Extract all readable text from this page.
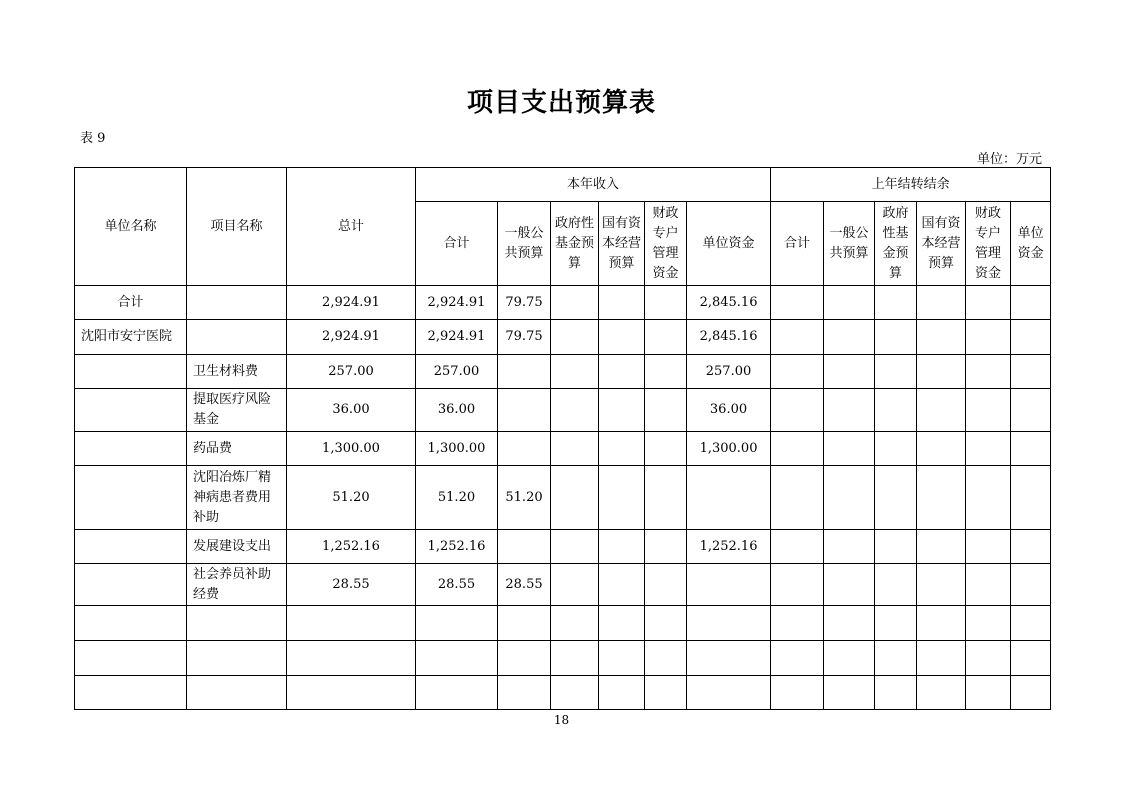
项目支出预算表
表 9
单位：万元
单位名称	项目名称	总计	本年收入						上年结转结余					
			合计	一般公共预算	政府性基金预算	国有资本经营预算	财政专户管理资金	单位资金	合计	一般公共预算	政府性基金预算	国有资本经营预算	财政专户管理资金	单位资金
合计		2,924.91	2,924.91	79.75				2,845.16						
沈阳市安宁医院		2,924.91	2,924.91	79.75				2,845.16						
	卫生材料费	257.00	257.00					257.00						
	提取医疗风险基金	36.00	36.00					36.00						
	药品费	1,300.00	1,300.00					1,300.00						
	沈阳冶炼厂精神病患者费用补助	51.20	51.20	51.20										
	发展建设支出	1,252.16	1,252.16					1,252.16						
	社会养员补助经费	28.55	28.55	28.55										

18
